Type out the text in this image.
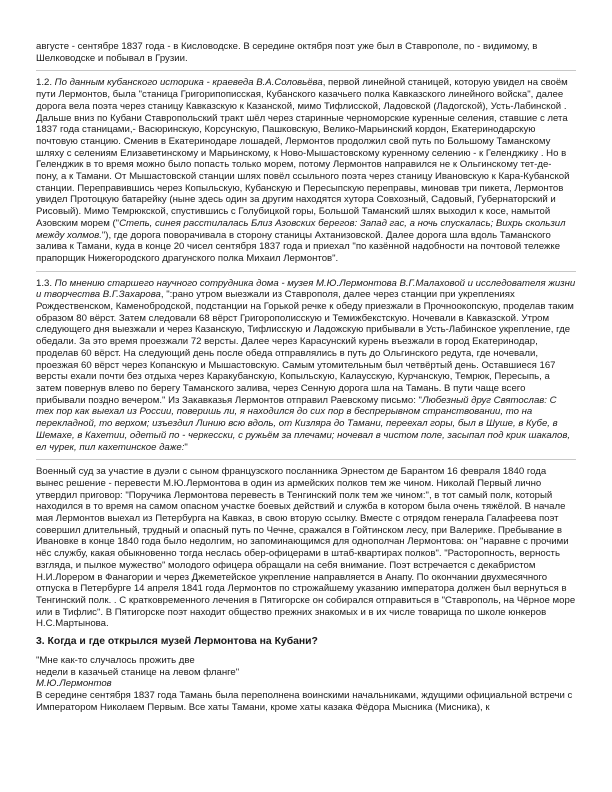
августе - сентябре 1837 года - в Кисловодске. В середине октября поэт уже был в Ставрополе, по - видимому, в Шелководске и побывал в Грузии.

1.2. По данным кубанского историка - краеведа В.А.Соловьёва, первой линейной станицей, которую увидел на своём пути Лермонтов, была "станица Григорипописская, Кубанского казачьего полка Кавказского линейного войска", далее дорога вела поэта через станицу Кавказскую к Казанской, мимо Тифлисской, Ладовской (Ладогской), Усть-Лабинской . Дальше вниз по Кубани Ставропольский тракт шёл через старинные черноморские куренные селения, ставшие с лета 1837 года станицами,- Васюринскую, Корсунскую, Пашковскую, Велико-Марьинский кордон, Екатеринодарскую почтовую станцию. Сменив в Екатеринодаре лошадей, Лермонтов продолжил свой путь по Большому Таманскому шляху с селениям Елизаветинскому и Марьинскому, к Ново-Мышастовскому куренному селению - к Геленджику . Но в Геленджик в то время можно было попасть только морем, потому Лермонтов направился не к Ольгинскому тет-де- пону, а к Тамани. От Мышастовской станции шлях повёл ссыльного поэта через станицу Ивановскую к Кара-Кубанской станции. Переправившись через Копыльскую, Кубанскую и Пересыпскую переправы, миновав три пикета, Лермонтов увидел Протоцкую батарейку (ныне здесь один за другим находятся хутора Совхозный, Садовый, Губернаторский и Рисовый). Мимо Темрюкской, спустившись с Голубицкой горы, Большой Таманский шлях выходил к косе, намытой Азовским морем ("Степь, синея расстилалась Близ Азовских берегов: Запад гас, а ночь спускалась; Вихрь скользил между холмов."), где дорога поворачивала в сторону станицы Ахтанизовской. Далее дорога шла вдоль Таманского залива к Тамани, куда в конце 20 чисел сентября 1837 года и приехал "по казённой надобности на почтовой тележке прапорщик Нижегородского драгунского полка Михаил Лермонтов".

1.3. По мнению старшего научного сотрудника дома - музея М.Ю.Лермонтова В.Г.Малаховой и исследователя жизни и творчества В.Г.Захарова, ":рано утром выезжали из Ставрополя, далее через станции при укреплениях Рождественском, Каменобродской, подстанции на Горькой речке к обеду приезжали в Прочноокопскую, проделав таким образом 80 вёрст. Затем следовали 68 вёрст Григорополисскую и Темижбекстскую. Ночевали в Кавказской. Утром следующего дня выезжали и через Казанскую, Тифлисскую и Ладожскую прибывали в Усть-Лабинское укрепление, где обедали. За это время проезжали 72 версты. Далее через Карасунский курень въезжали в город Екатеринодар, проделав 60 вёрст. На следующий день после обеда отправлялись в путь до Ольгинского редута, где ночевали, проезжая 60 вёрст через Копанскую и Мышастовскую. Самым утомительным был четвёртый день. Оставшиеся 167 версты ехали почти без отдыха через Каракубанскую, Копыльскую, Калаусскую, Курчанскую, Темрюк, Пересыпь, а затем повернув влево по берегу Таманского залива, через Сенную дорога шла на Тамань. В пути чаще всего прибывали поздно вечером." Из Закавказья Лермонтов отправил Раевскому письмо: "Любезный друг Святослав: С тех пор как выехал из России, поверишь ли, я находился до сих пор в беспрерывном странствовании, то на перекладной, то верхом; изъездил Линию всю вдоль, от Кизляра до Тамани, переехал горы, был в Шуше, в Кубе, в Шемахе, в Кахетии, одетый по - черкесски, с ружьём за плечами; ночевал в чистом поле, засыпал под крик шакалов, ел чурек, пил кахетинское даже:"

Военный суд за участие в дуэли с сыном французского посланника Эрнестом де Барантом 16 февраля 1840 года вынес решение - перевести М.Ю.Лермонтова в один из армейских полков тем же чином. Николай Первый лично утвердил приговор: "Поручика Лермонтова перевесть в Тенгинский полк тем же чином:", в тот самый полк, который находился в то время на самом опасном участке боевых действий и служба в котором была очень тяжёлой. В начале мая Лермонтов выехал из Петербурга на Кавказ, в свою вторую ссылку. Вместе с отрядом генерала Галафеева поэт совершил длительный, трудный и опасный путь по Чечне, сражался в Гойтинском лесу, при Валерике. Пребывание в Ивановке в конце 1840 года было недолгим, но запоминающимся для однополчан Лермонтова: он "наравне с прочими нёс службу, какая обыкновенно тогда неслась обер-офицерами в штаб-квартирах полков". "Расторопность, верность взгляда, и пылкое мужество" молодого офицера обращали на себя внимание. Поэт встречается с декабристом Н.И.Лорером в Фанагории и через Джеметейское укрепление направляется в Анапу. По окончании двухмесячного отпуска в Петербурге 14 апреля 1841 года Лермонтов по строжайшему указанию императора должен был вернуться в Тенгинский полк. . С кратковременного лечения в Пятигорске он собирался отправиться в "Ставрополь, на Чёрное море или в Тифлис". В Пятигорске поэт находит общество прежних знакомых и в их числе товарища по школе юнкеров Н.С.Мартынова.

3. Когда и где открылся музей Лермонтова на Кубани?

"Мне как-то случалось прожить две

недели в казачьей станице на левом фланге"

М.Ю.Лермонтов

В середине сентября 1837 года Тамань была переполнена воинскими начальниками, ждущими официальной встречи с Императором Николаем Первым. Все хаты Тамани, кроме хаты казака Фёдора Мысника (Мисника), к
